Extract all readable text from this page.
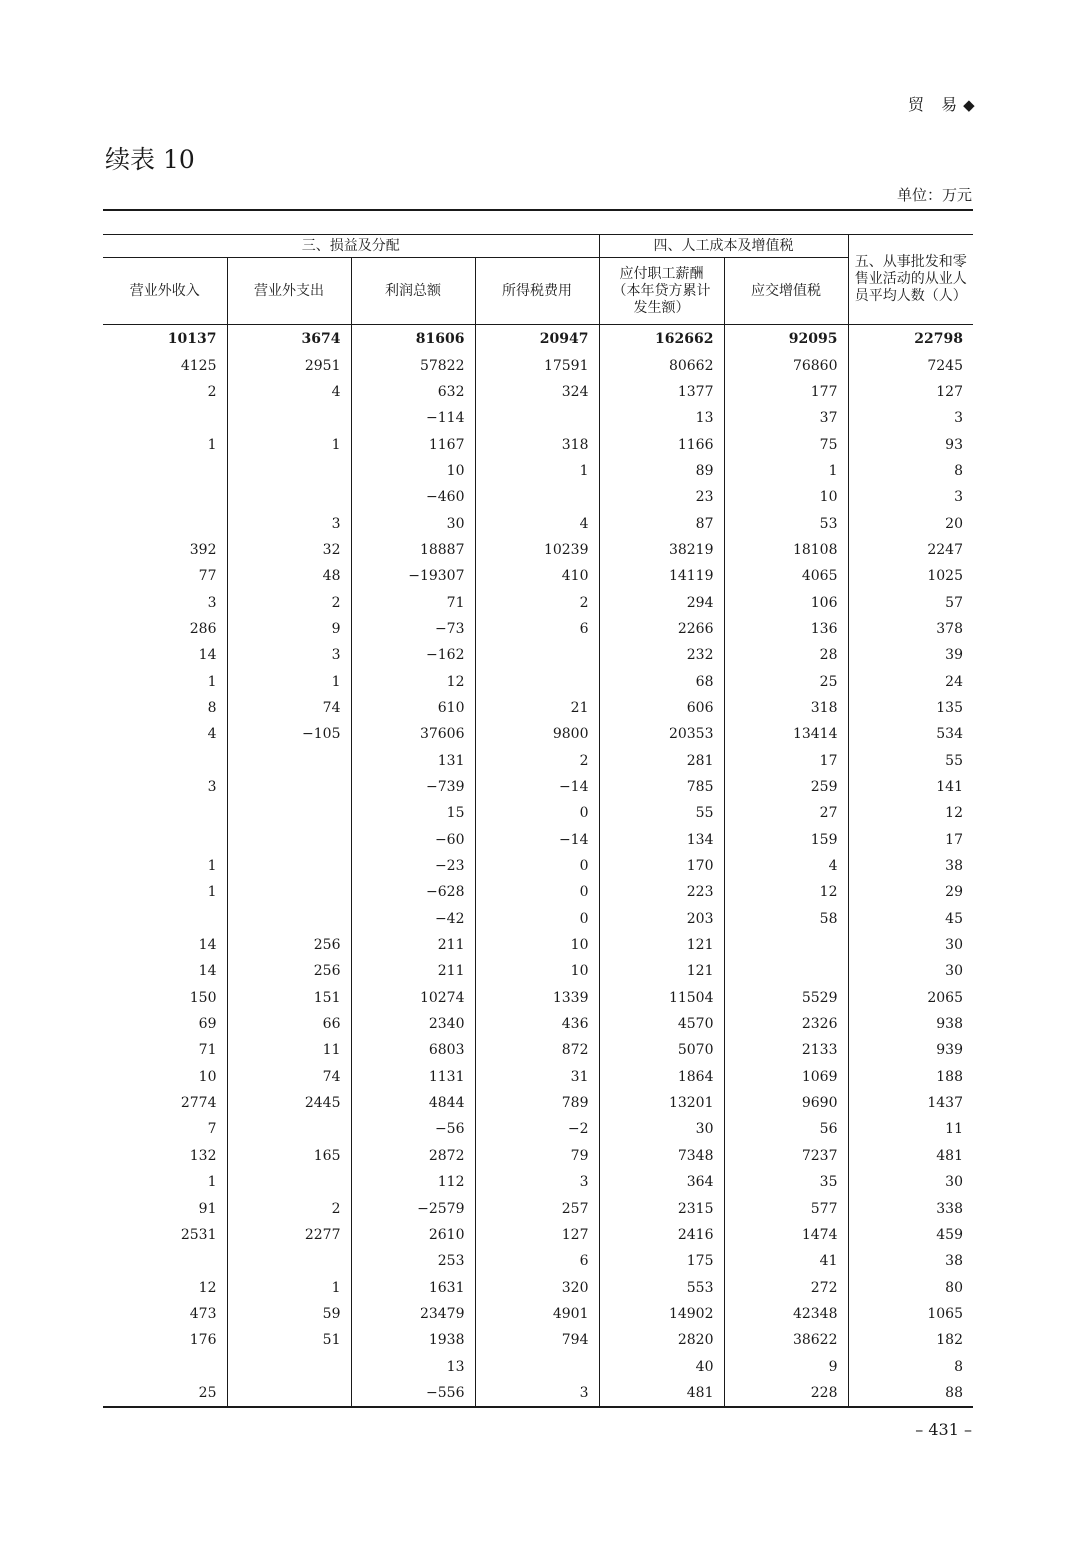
贸 易◆
续表 10
单位：万元
三、损益及分配				四、人工成本及增值税		五、从事批发和零售业活动的从业人员平均人数（人）
营业外收入	营业外支出	利润总额	所得税费用	应付职工薪酬（本年贷方累计发生额）	应交增值税	
10137	3674	81606	20947	162662	92095	22798
4125	2951	57822	17591	80662	76860	7245
2	4	632	324	1377	177	127
		−114		13	37	3
1	1	1167	318	1166	75	93
		10	1	89	1	8
		−460		23	10	3
	3	30	4	87	53	20
392	32	18887	10239	38219	18108	2247
77	48	−19307	410	14119	4065	1025
3	2	71	2	294	106	57
286	9	−73	6	2266	136	378
14	3	−162		232	28	39
1	1	12		68	25	24
8	74	610	21	606	318	135
4	−105	37606	9800	20353	13414	534
		131	2	281	17	55
3		−739	−14	785	259	141
		15	0	55	27	12
		−60	−14	134	159	17
1		−23	0	170	4	38
1		−628	0	223	12	29
		−42	0	203	58	45
14	256	211	10	121		30
14	256	211	10	121		30
150	151	10274	1339	11504	5529	2065
69	66	2340	436	4570	2326	938
71	11	6803	872	5070	2133	939
10	74	1131	31	1864	1069	188
2774	2445	4844	789	13201	9690	1437
7		−56	−2	30	56	11
132	165	2872	79	7348	7237	481
1		112	3	364	35	30
91	2	−2579	257	2315	577	338
2531	2277	2610	127	2416	1474	459
		253	6	175	41	38
12	1	1631	320	553	272	80
473	59	23479	4901	14902	42348	1065
176	51	1938	794	2820	38622	182
		13		40	9	8
25		−556	3	481	228	88
– 431 –
